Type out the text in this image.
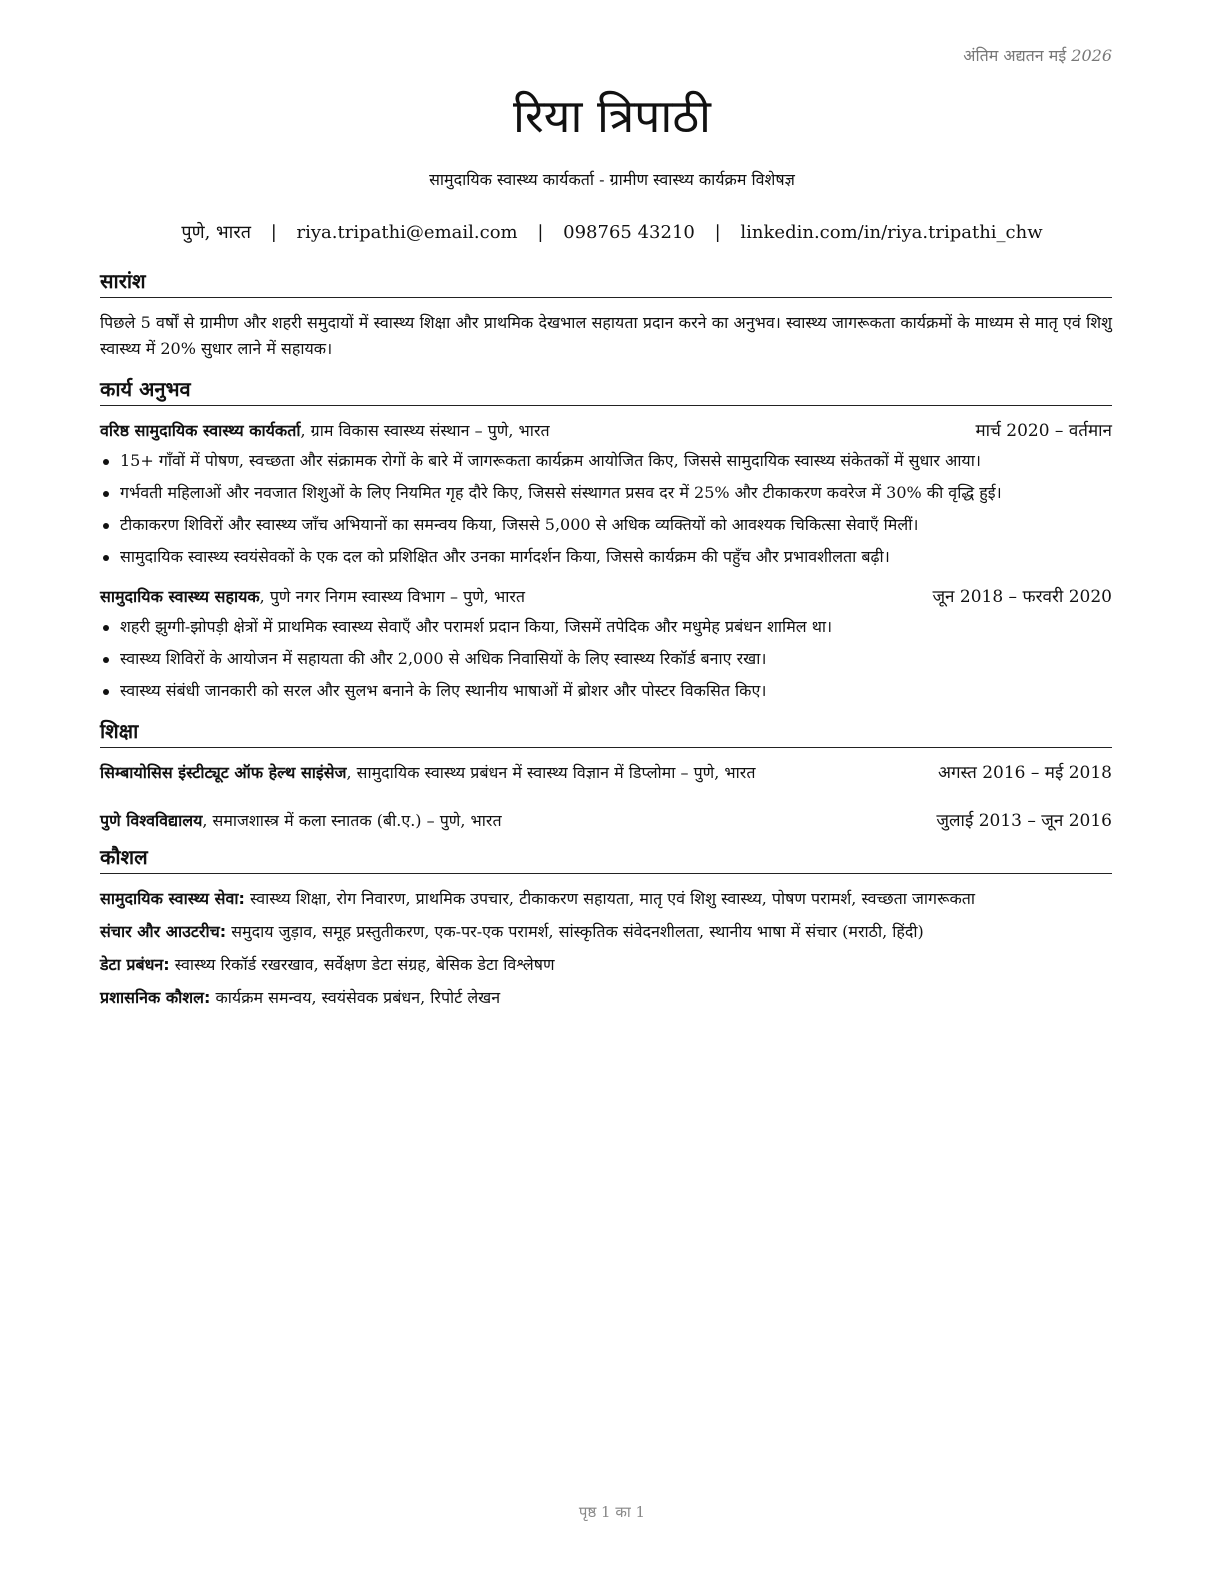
अंतिम अद्यतन मई 2026
रिया त्रिपाठी
सामुदायिक स्वास्थ्य कार्यकर्ता - ग्रामीण स्वास्थ्य कार्यक्रम विशेषज्ञ
पुणे, भारत | riya.tripathi@email.com | 098765 43210 | linkedin.com/in/riya.tripathi_chw
सारांश

पिछले 5 वर्षों से ग्रामीण और शहरी समुदायों में स्वास्थ्य शिक्षा और प्राथमिक देखभाल सहायता प्रदान करने का अनुभव। स्वास्थ्य जागरूकता कार्यक्रमों के माध्यम से मातृ एवं शिशु स्वास्थ्य में 20% सुधार लाने में सहायक।

कार्य अनुभव
वरिष्ठ सामुदायिक स्वास्थ्य कार्यकर्ता, ग्राम विकास स्वास्थ्य संस्थान – पुणे, भारत	मार्च 2020 – वर्तमान
15+ गाँवों में पोषण, स्वच्छता और संक्रामक रोगों के बारे में जागरूकता कार्यक्रम आयोजित किए, जिससे सामुदायिक स्वास्थ्य संकेतकों में सुधार आया।
गर्भवती महिलाओं और नवजात शिशुओं के लिए नियमित गृह दौरे किए, जिससे संस्थागत प्रसव दर में 25% और टीकाकरण कवरेज में 30% की वृद्धि हुई।
टीकाकरण शिविरों और स्वास्थ्य जाँच अभियानों का समन्वय किया, जिससे 5,000 से अधिक व्यक्तियों को आवश्यक चिकित्सा सेवाएँ मिलीं।
सामुदायिक स्वास्थ्य स्वयंसेवकों के एक दल को प्रशिक्षित और उनका मार्गदर्शन किया, जिससे कार्यक्रम की पहुँच और प्रभावशीलता बढ़ी।
सामुदायिक स्वास्थ्य सहायक, पुणे नगर निगम स्वास्थ्य विभाग – पुणे, भारत	जून 2018 – फरवरी 2020
शहरी झुग्गी-झोपड़ी क्षेत्रों में प्राथमिक स्वास्थ्य सेवाएँ और परामर्श प्रदान किया, जिसमें तपेदिक और मधुमेह प्रबंधन शामिल था।
स्वास्थ्य शिविरों के आयोजन में सहायता की और 2,000 से अधिक निवासियों के लिए स्वास्थ्य रिकॉर्ड बनाए रखा।
स्वास्थ्य संबंधी जानकारी को सरल और सुलभ बनाने के लिए स्थानीय भाषाओं में ब्रोशर और पोस्टर विकसित किए।
शिक्षा
सिम्बायोसिस इंस्टीट्यूट ऑफ हेल्थ साइंसेज, सामुदायिक स्वास्थ्य प्रबंधन में स्वास्थ्य विज्ञान में डिप्लोमा – पुणे, भारत	अगस्त 2016 – मई 2018
पुणे विश्वविद्यालय, समाजशास्त्र में कला स्नातक (बी.ए.) – पुणे, भारत	जुलाई 2013 – जून 2016
कौशल
सामुदायिक स्वास्थ्य सेवा: स्वास्थ्य शिक्षा, रोग निवारण, प्राथमिक उपचार, टीकाकरण सहायता, मातृ एवं शिशु स्वास्थ्य, पोषण परामर्श, स्वच्छता जागरूकता
संचार और आउटरीच: समुदाय जुड़ाव, समूह प्रस्तुतीकरण, एक-पर-एक परामर्श, सांस्कृतिक संवेदनशीलता, स्थानीय भाषा में संचार (मराठी, हिंदी)
डेटा प्रबंधन: स्वास्थ्य रिकॉर्ड रखरखाव, सर्वेक्षण डेटा संग्रह, बेसिक डेटा विश्लेषण
प्रशासनिक कौशल: कार्यक्रम समन्वय, स्वयंसेवक प्रबंधन, रिपोर्ट लेखन
पृष्ठ 1 का 1
